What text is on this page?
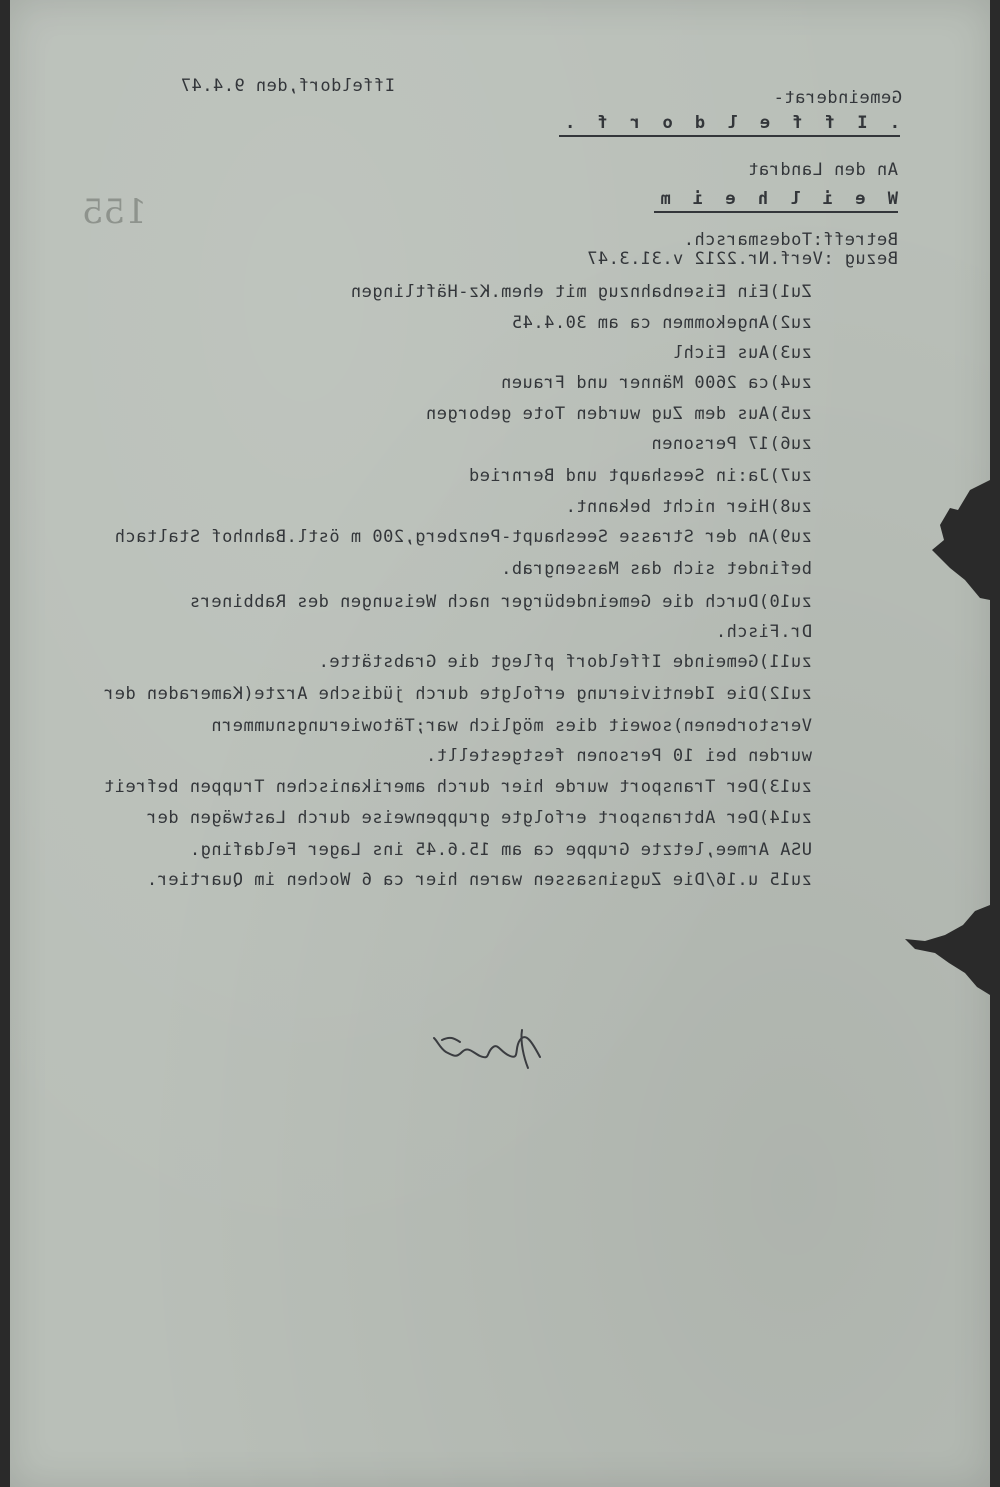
155
Iffeldorf,den 9.4.47
Gemeinderat-
. I f f e l d o r f .
An den Landrat
W e i l h e i m
Betreff:Todesmarsch.
Bezug :Verf.Nr.2212 v.31.3.47
Zu1)Ein Eisenbahnzug mit ehem.Kz-Häftlingen
zu2)Angekommen ca am 30.4.45
zu3)Aus Eichl
zu4)ca 2600 Männer und Frauen
zu5)Aus dem Zug wurden Tote geborgen
zu6)17 Personen
zu7)Ja:in Seeshaupt und Bernried
zu8)Hier nicht bekannt.
zu9)An der Strasse Seeshaupt-Penzberg,200 m östl.Bahnhof Staltach
befindet sich das Massengrab.
zu10)Durch die Gemeindebürger nach Weisungen des Rabbiners
Dr.Fisch.
zu11)Gemeinde Iffeldorf pflegt die Grabstätte.
zu12)Die Identivierung erfolgte durch jüdische Arzte(Kameraden der
Verstorbenen)soweit dies möglich war;Tätowierungsnummern
wurden bei 10 Personen festgestellt.
zu13)Der Transport wurde hier durch amerikanischen Truppen befreit
zu14)Der Abtransport erfolgte gruppenweise durch Lastwägen der
USA Armee,letzte Gruppe ca am 15.6.45 ins Lager Feldafing.
zu15 u.16/Die Zugsinsassen waren hier ca 6 Wochen im Quartier.
